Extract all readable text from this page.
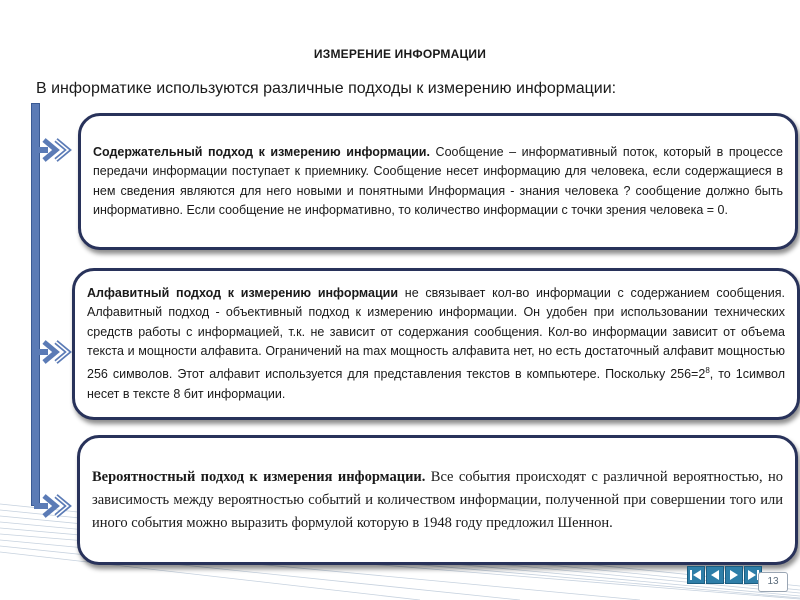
ИЗМЕРЕНИЕ ИНФОРМАЦИИ
В информатике используются различные подходы к измерению информации:
Содержательный подход к измерению информации. Сообщение – информативный поток, который в процессе передачи информации поступает к приемнику. Сообщение несет информацию для человека, если содержащиеся в нем сведения являются для него новыми и понятными Информация - знания человека ? сообщение должно быть информативно. Если сообщение не информативно, то количество информации с точки зрения человека = 0.
Алфавитный подход к измерению информации не связывает кол-во информации с содержанием сообщения. Алфавитный подход - объективный подход к измерению информации. Он удобен при использовании технических средств работы с информацией, т.к. не зависит от содержания сообщения. Кол-во информации зависит от объема текста и мощности алфавита. Ограничений на max мощность алфавита нет, но есть достаточный алфавит мощностью 256 символов. Этот алфавит используется для представления текстов в компьютере. Поскольку $256=2^8$, то 1символ несет в тексте 8 бит информации.
Вероятностный подход к измерения информации. Все события происходят с различной вероятностью, но зависимость между вероятностью событий и количеством информации, полученной при совершении того или иного события можно выразить формулой которую в 1948 году предложил Шеннон.
13
